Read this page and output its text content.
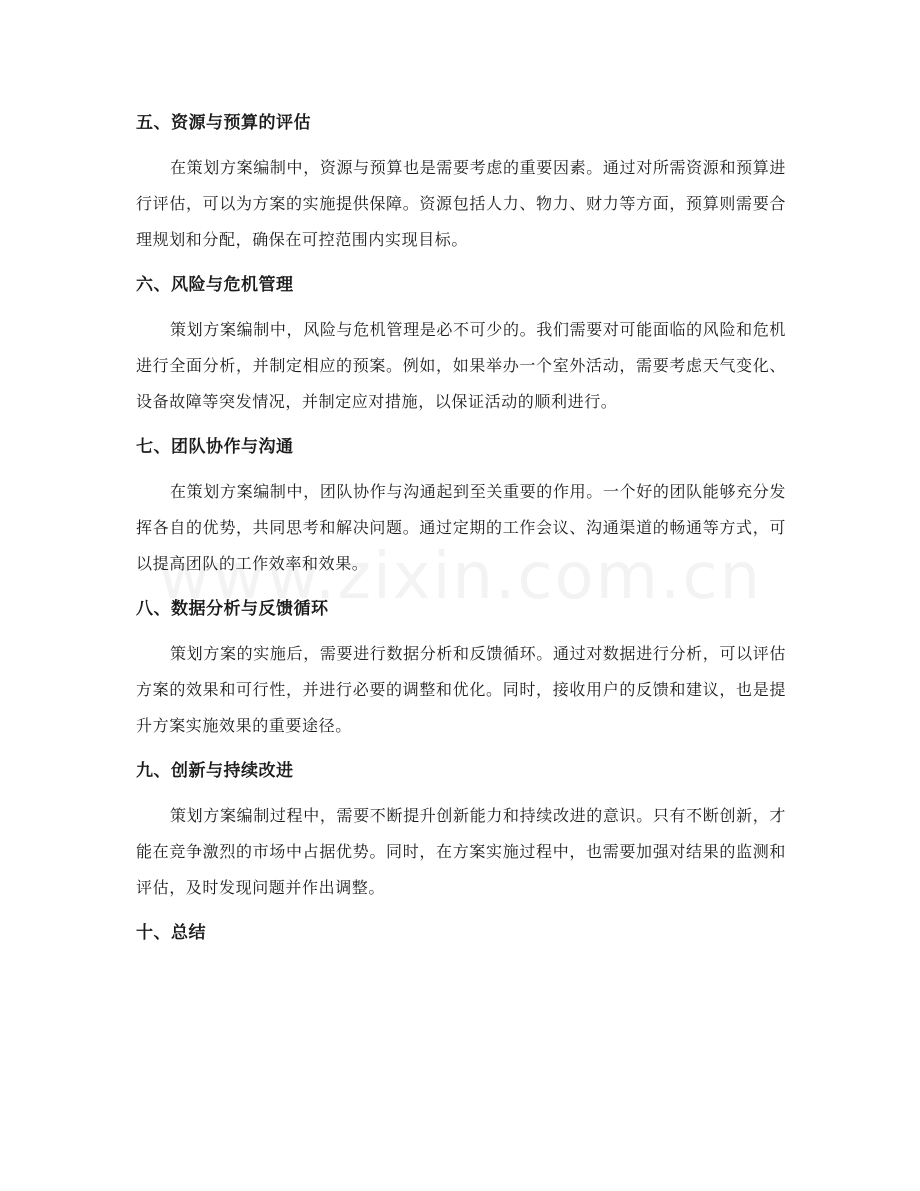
五、资源与预算的评估

在策划方案编制中，资源与预算也是需要考虑的重要因素。通过对所需资源和预算进行评估，可以为方案的实施提供保障。资源包括人力、物力、财力等方面，预算则需要合理规划和分配，确保在可控范围内实现目标。

六、风险与危机管理

策划方案编制中，风险与危机管理是必不可少的。我们需要对可能面临的风险和危机进行全面分析，并制定相应的预案。例如，如果举办一个室外活动，需要考虑天气变化、设备故障等突发情况，并制定应对措施，以保证活动的顺利进行。

七、团队协作与沟通

在策划方案编制中，团队协作与沟通起到至关重要的作用。一个好的团队能够充分发挥各自的优势，共同思考和解决问题。通过定期的工作会议、沟通渠道的畅通等方式，可以提高团队的工作效率和效果。

八、数据分析与反馈循环

策划方案的实施后，需要进行数据分析和反馈循环。通过对数据进行分析，可以评估方案的效果和可行性，并进行必要的调整和优化。同时，接收用户的反馈和建议，也是提升方案实施效果的重要途径。

九、创新与持续改进

策划方案编制过程中，需要不断提升创新能力和持续改进的意识。只有不断创新，才能在竞争激烈的市场中占据优势。同时，在方案实施过程中，也需要加强对结果的监测和评估，及时发现问题并作出调整。

十、总结
